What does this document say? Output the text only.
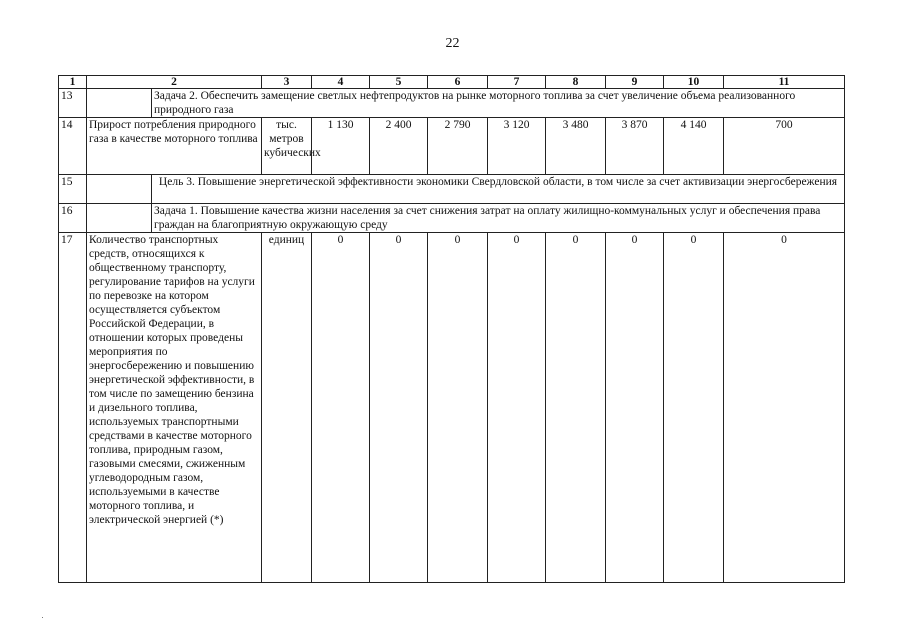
22
1	2		3	4	5	6	7	8	9	10	11
13		Задача 2. Обеспечить замещение светлых нефтепродуктов на рынке моторного топлива за счет увеличение объема реализованного природного газа									
14	Прирост потребления природного газа в качестве моторного топлива		тыс. метров кубических	1 130	2 400	2 790	3 120	3 480	3 870	4 140	700
15		Цель 3. Повышение энергетической эффективности экономики Свердловской области, в том числе за счет активизации энергосбережения									
16		Задача 1. Повышение качества жизни населения за счет снижения затрат на оплату жилищно-коммунальных услуг и обеспечения права граждан на благоприятную окружающую среду									
17	Количество транспортных средств, относящихся к общественному транспорту, регулирование тарифов на услуги по перевозке на котором осуществляется субъектом Российской Федерации, в отношении которых проведены мероприятия по энергосбережению и повышению энергетической эффективности, в том числе по замещению бензина и дизельного топлива, используемых транспортными средствами в качестве моторного топлива, природным газом, газовыми смесями, сжиженным углеводородным газом, используемыми в качестве моторного топлива, и электрической энергией (*)		единиц	0	0	0	0	0	0	0	0
